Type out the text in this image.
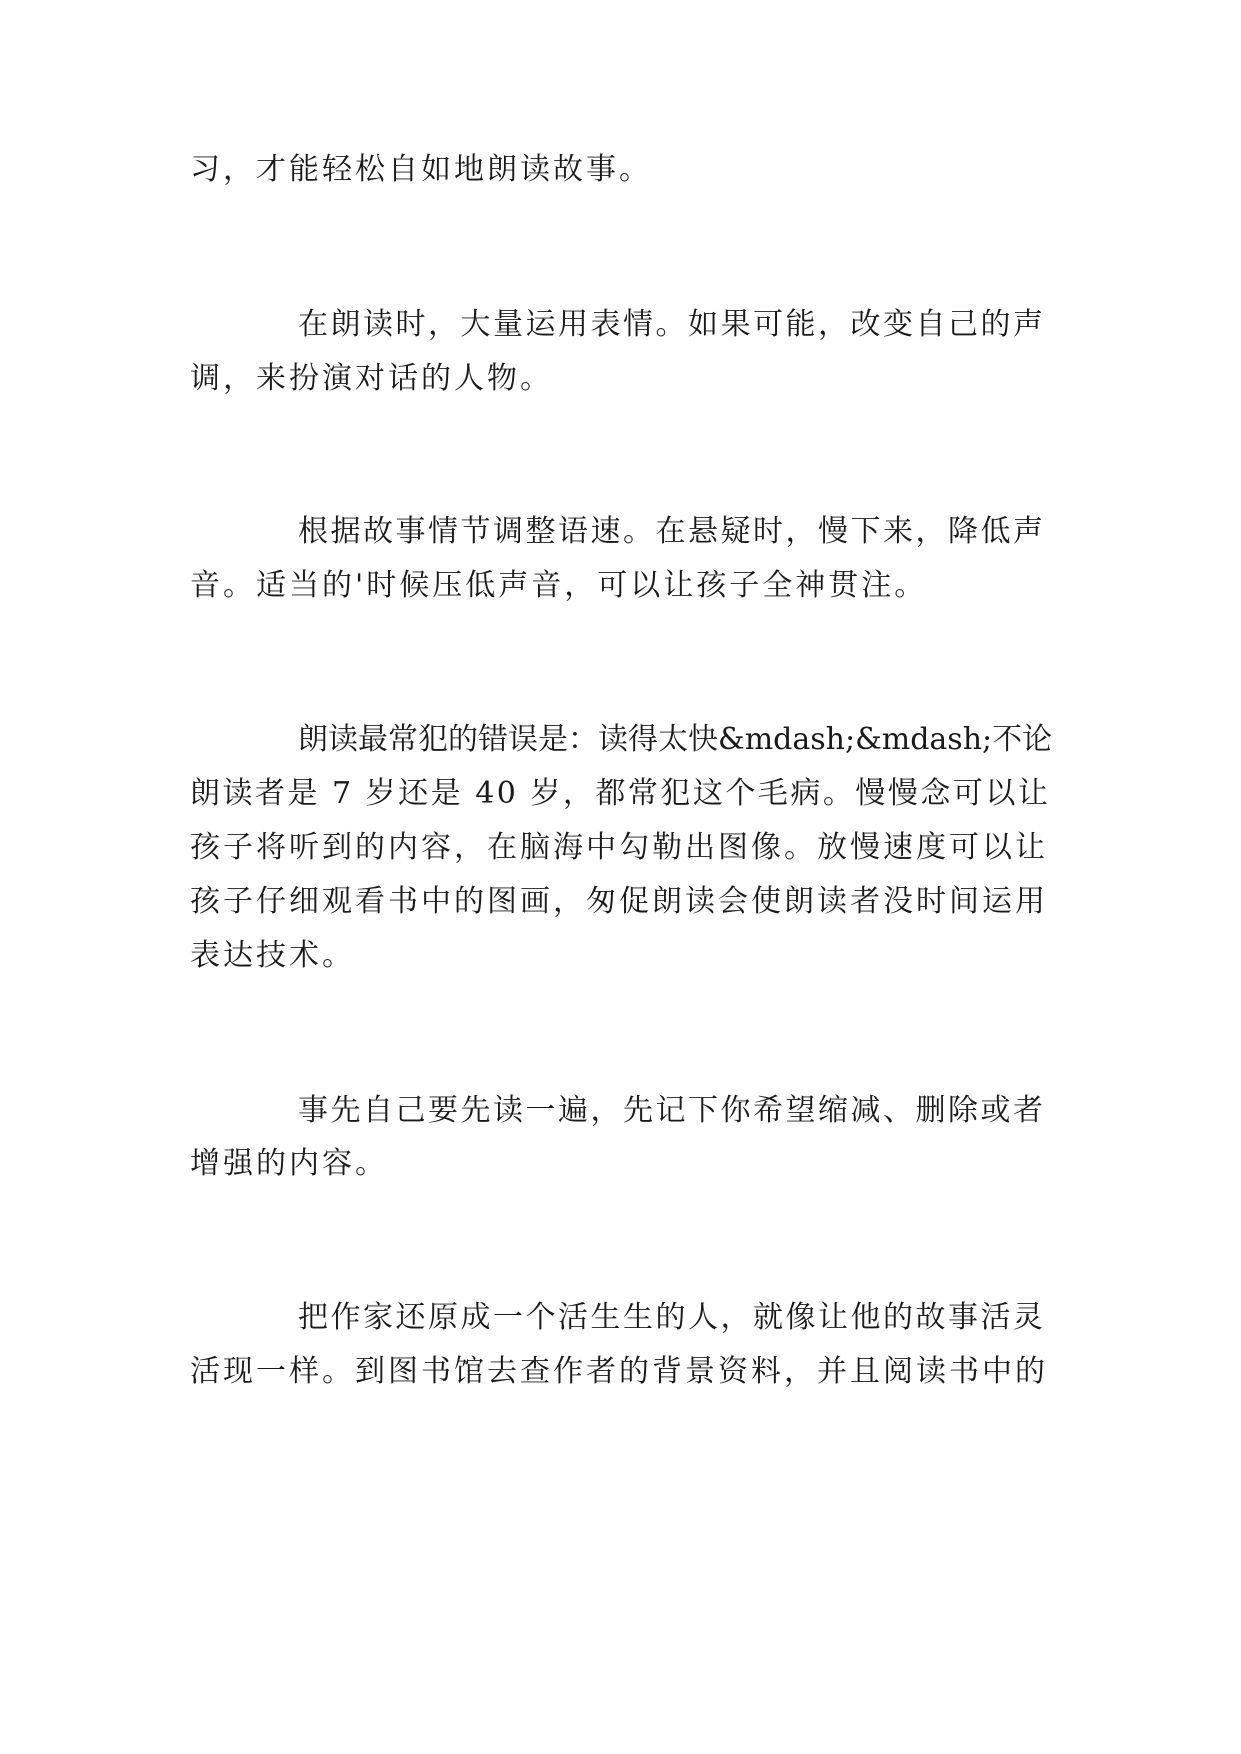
习，才能轻松自如地朗读故事。
在朗读时，大量运用表情。如果可能，改变自己的声
调，来扮演对话的人物。
根据故事情节调整语速。在悬疑时，慢下来，降低声
音。适当的'时候压低声音，可以让孩子全神贯注。
朗读最常犯的错误是：读得太快&mdash;&mdash;不论
朗读者是 7 岁还是 40 岁，都常犯这个毛病。慢慢念可以让
孩子将听到的内容，在脑海中勾勒出图像。放慢速度可以让
孩子仔细观看书中的图画，匆促朗读会使朗读者没时间运用
表达技术。
事先自己要先读一遍，先记下你希望缩减、删除或者
增强的内容。
把作家还原成一个活生生的人，就像让他的故事活灵
活现一样。到图书馆去查作者的背景资料，并且阅读书中的
